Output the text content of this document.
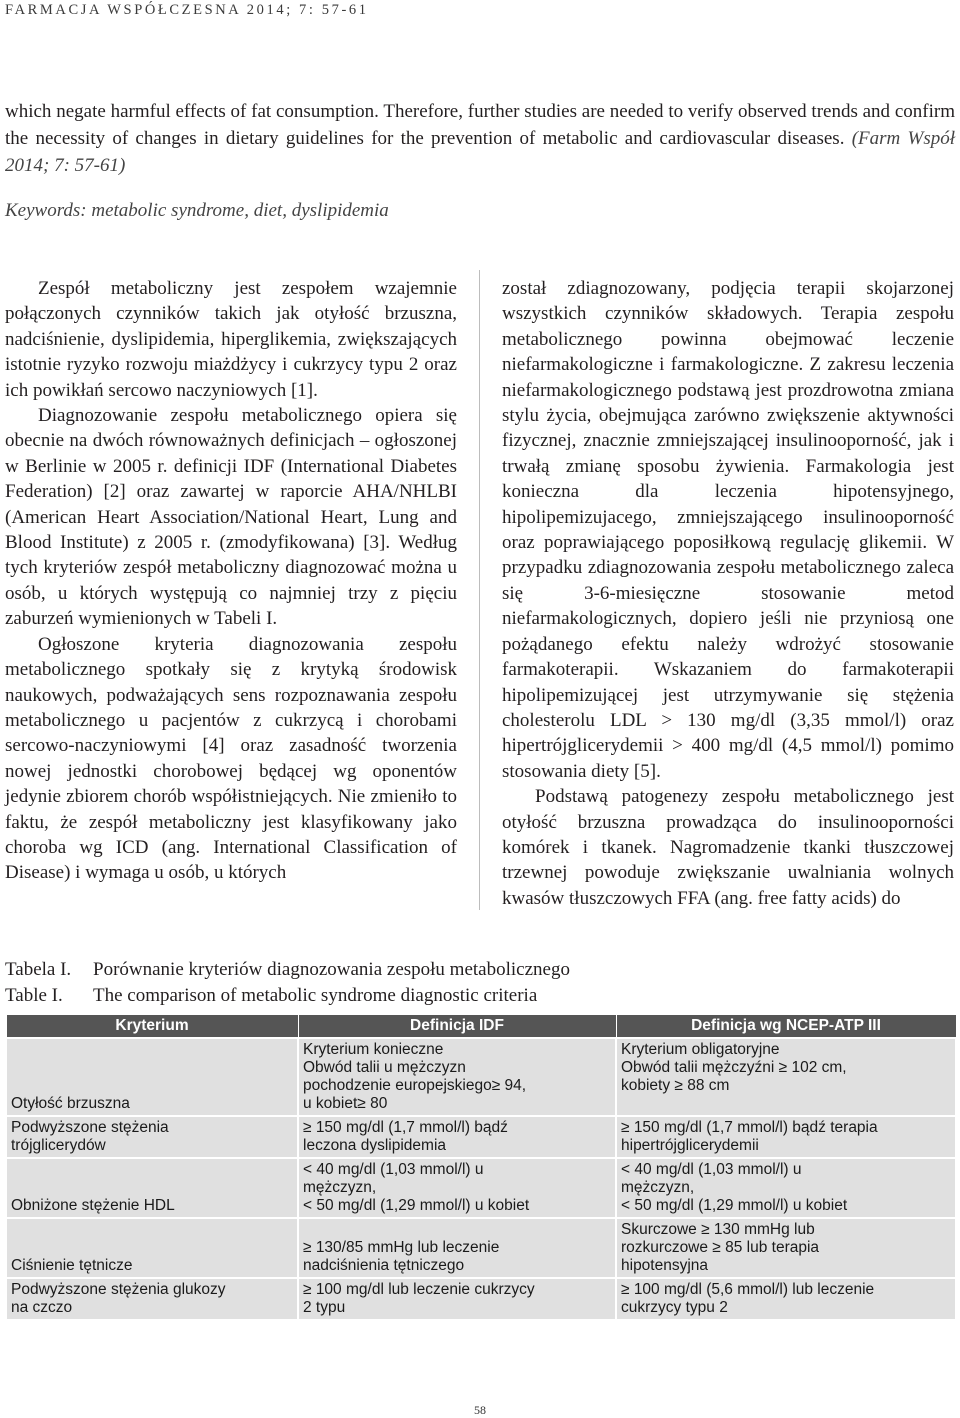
FARMACJA WSPÓŁCZESNA 2014; 7: 57-61

which negate harmful effects of fat consumption. Therefore, further studies are needed to verify observed trends and confirm the necessity of changes in dietary guidelines for the prevention of metabolic and cardiovascular diseases. (Farm Współ 2014; 7: 57-61)

Keywords: metabolic syndrome, diet, dyslipidemia

Zespół metaboliczny jest zespołem wzajemnie połączonych czynników takich jak otyłość brzuszna, nadciśnienie, dyslipidemia, hiperglikemia, zwiększających istotnie ryzyko rozwoju miażdżycy i cukrzycy typu 2 oraz ich powikłań sercowo naczyniowych [1].

Diagnozowanie zespołu metabolicznego opiera się obecnie na dwóch równoważnych definicjach – ogłoszonej w Berlinie w 2005 r. definicji IDF (International Diabetes Federation) [2] oraz zawartej w raporcie AHA/NHLBI (American Heart Association/National Heart, Lung and Blood Institute) z 2005 r. (zmodyfikowana) [3]. Według tych kryteriów zespół metaboliczny diagnozować można u osób, u których występują co najmniej trzy z pięciu zaburzeń wymienionych w Tabeli I.

Ogłoszone kryteria diagnozowania zespołu metabolicznego spotkały się z krytyką środowisk naukowych, podważających sens rozpoznawania zespołu metabolicznego u pacjentów z cukrzycą i chorobami sercowo-naczyniowymi [4] oraz zasadność tworzenia nowej jednostki chorobowej będącej wg oponentów jedynie zbiorem chorób współistniejących. Nie zmieniło to faktu, że zespół metaboliczny jest klasyfikowany jako choroba wg ICD (ang. International Classification of Disease) i wymaga u osób, u których

został zdiagnozowany, podjęcia terapii skojarzonej wszystkich czynników składowych. Terapia zespołu metabolicznego powinna obejmować leczenie niefarmakologiczne i farmakologiczne. Z zakresu leczenia niefarmakologicznego podstawą jest prozdrowotna zmiana stylu życia, obejmująca zarówno zwiększenie aktywności fizycznej, znacznie zmniejszającej insulinooporność, jak i trwałą zmianę sposobu żywienia. Farmakologia jest konieczna dla leczenia hipotensyjnego, hipolipemizujacego, zmniejszającego insulinooporność oraz poprawiającego poposiłkową regulację glikemii. W przypadku zdiagnozowania zespołu metabolicznego zaleca się 3-6-miesięczne stosowanie metod niefarmakologicznych, dopiero jeśli nie przyniosą one pożądanego efektu należy wdrożyć stosowanie farmakoterapii. Wskazaniem do farmakoterapii hipolipemizującej jest utrzymywanie się stężenia cholesterolu LDL > 130 mg/dl (3,35 mmol/l) oraz hipertrójglicerydemii > 400 mg/dl (4,5 mmol/l) pomimo stosowania diety [5].

Podstawą patogenezy zespołu metabolicznego jest otyłość brzuszna prowadząca do insulinooporności komórek i tkanek. Nagromadzenie tkanki tłuszczowej trzewnej powoduje zwiększanie uwalniania wolnych kwasów tłuszczowych FFA (ang. free fatty acids) do

Tabela I. Porównanie kryteriów diagnozowania zespołu metabolicznego
Table I. The comparison of metabolic syndrome diagnostic criteria
Kryterium	Definicja IDF	Definicja wg NCEP-ATP III

Otyłość brzuszna	Kryterium konieczne
Obwód talii u mężczyzn
pochodzenie europejskiego≥ 94,
u kobiet≥ 80	Kryterium obligatoryjne
Obwód talii mężczyźni ≥ 102 cm,
kobiety ≥ 88 cm

Podwyższone stężenia
trójglicerydów	≥ 150 mg/dl (1,7 mmol/l) bądź
leczona dyslipidemia	≥ 150 mg/dl (1,7 mmol/l) bądź terapia
hipertrójglicerydemii

Obniżone stężenie HDL	< 40 mg/dl (1,03 mmol/l) u
mężczyzn,
< 50 mg/dl (1,29 mmol/l) u kobiet	< 40 mg/dl (1,03 mmol/l) u
mężczyzn,
< 50 mg/dl (1,29 mmol/l) u kobiet

Ciśnienie tętnicze	≥ 130/85 mmHg lub leczenie
nadciśnienia tętniczego	Skurczowe ≥ 130 mmHg lub
rozkurczowe ≥ 85 lub terapia
hipotensyjna

Podwyższone stężenia glukozy
na czczo	≥ 100 mg/dl lub leczenie cukrzycy
2 typu	≥ 100 mg/dl (5,6 mmol/l) lub leczenie
cukrzycy typu 2
58
